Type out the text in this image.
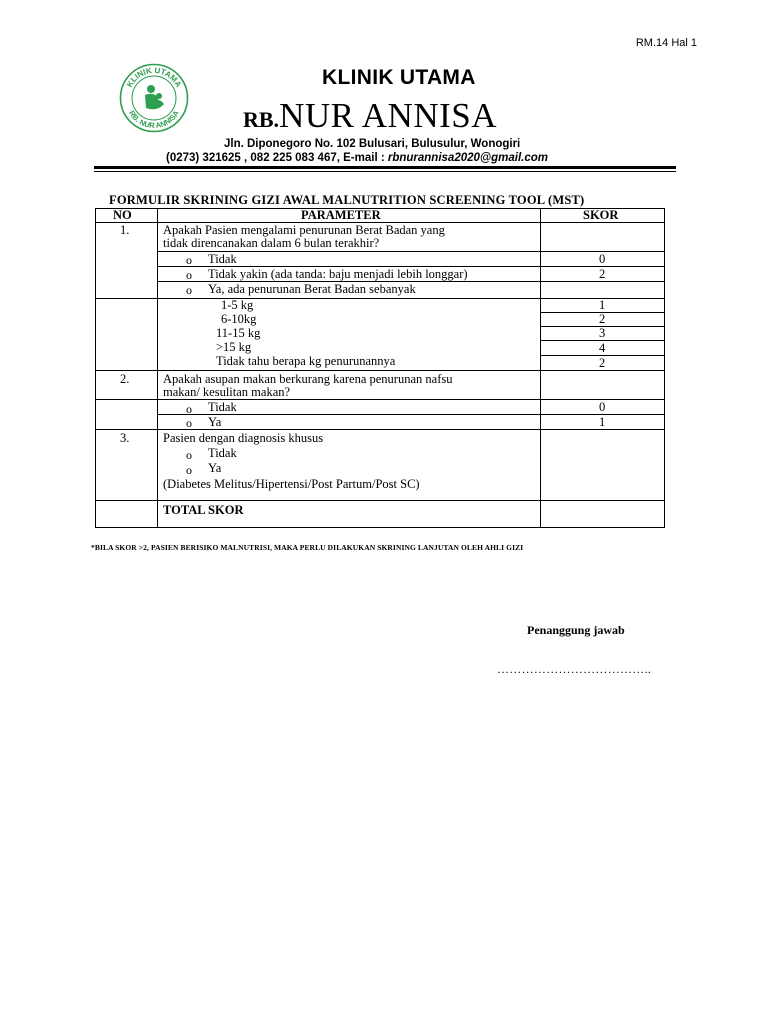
RM.14 Hal 1
KLINIK UTAMA
RB. NUR ANNISA
KLINIK UTAMA
RB.NUR ANNISA
Jln. Diponegoro No. 102 Bulusari, Bulusulur, Wonogiri
(0273) 321625 , 082 225 083 467, E-mail : rbnurannisa2020@gmail.com
FORMULIR SKRINING GIZI AWAL MALNUTRITION SCREENING TOOL (MST)
NO	PARAMETER	SKOR
1.	Apakah Pasien mengalami penurunan Berat Badan yang
tidak direncanakan dalam 6 bulan terakhir?
o Tidak	0
o Tidak yakin (ada tanda: baju menjadi lebih longgar)	2
o Ya, ada penurunan Berat Badan sebanyak
1-5 kg	1
6-10kg	2
11-15 kg	3
>15 kg	4
Tidak tahu berapa kg penurunannya	2
2.	Apakah asupan makan berkurang karena penurunan nafsu
makan/ kesulitan makan?
o Tidak	0
o Ya	1
3.	Pasien dengan diagnosis khusus
o Tidak
o Ya
(Diabetes Melitus/Hipertensi/Post Partum/Post SC)
TOTAL SKOR
*BILA SKOR >2, PASIEN BERISIKO MALNUTRISI, MAKA PERLU DILAKUKAN SKRINING LANJUTAN OLEH AHLI GIZI
Penanggung jawab
………………………………..
